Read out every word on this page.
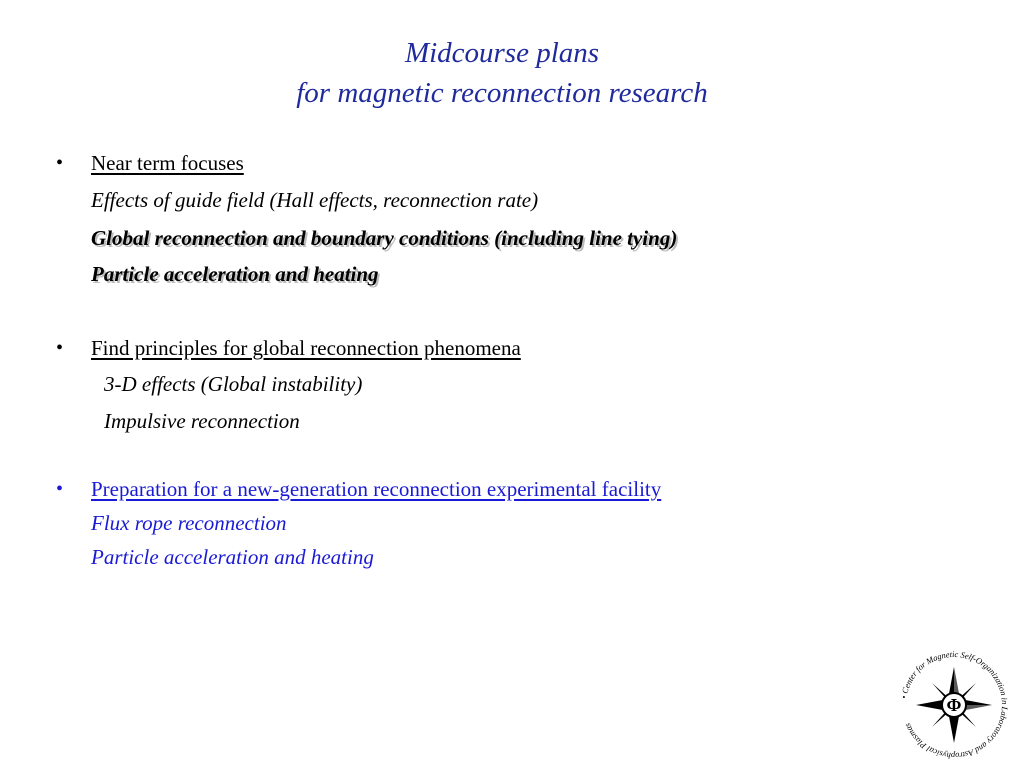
Midcourse plans
for magnetic reconnection research
• Near term focuses
Effects of guide field (Hall effects, reconnection rate)
Global reconnection and boundary conditions (including line tying)
Particle acceleration and heating
• Find principles for global reconnection phenomena
3-D effects (Global instability)
Impulsive reconnection
• Preparation for a new-generation reconnection experimental facility
Flux rope reconnection
Particle acceleration and heating
• Center for Magnetic Self-Organization in Laboratory and Astrophysical Plasmas
Φ
